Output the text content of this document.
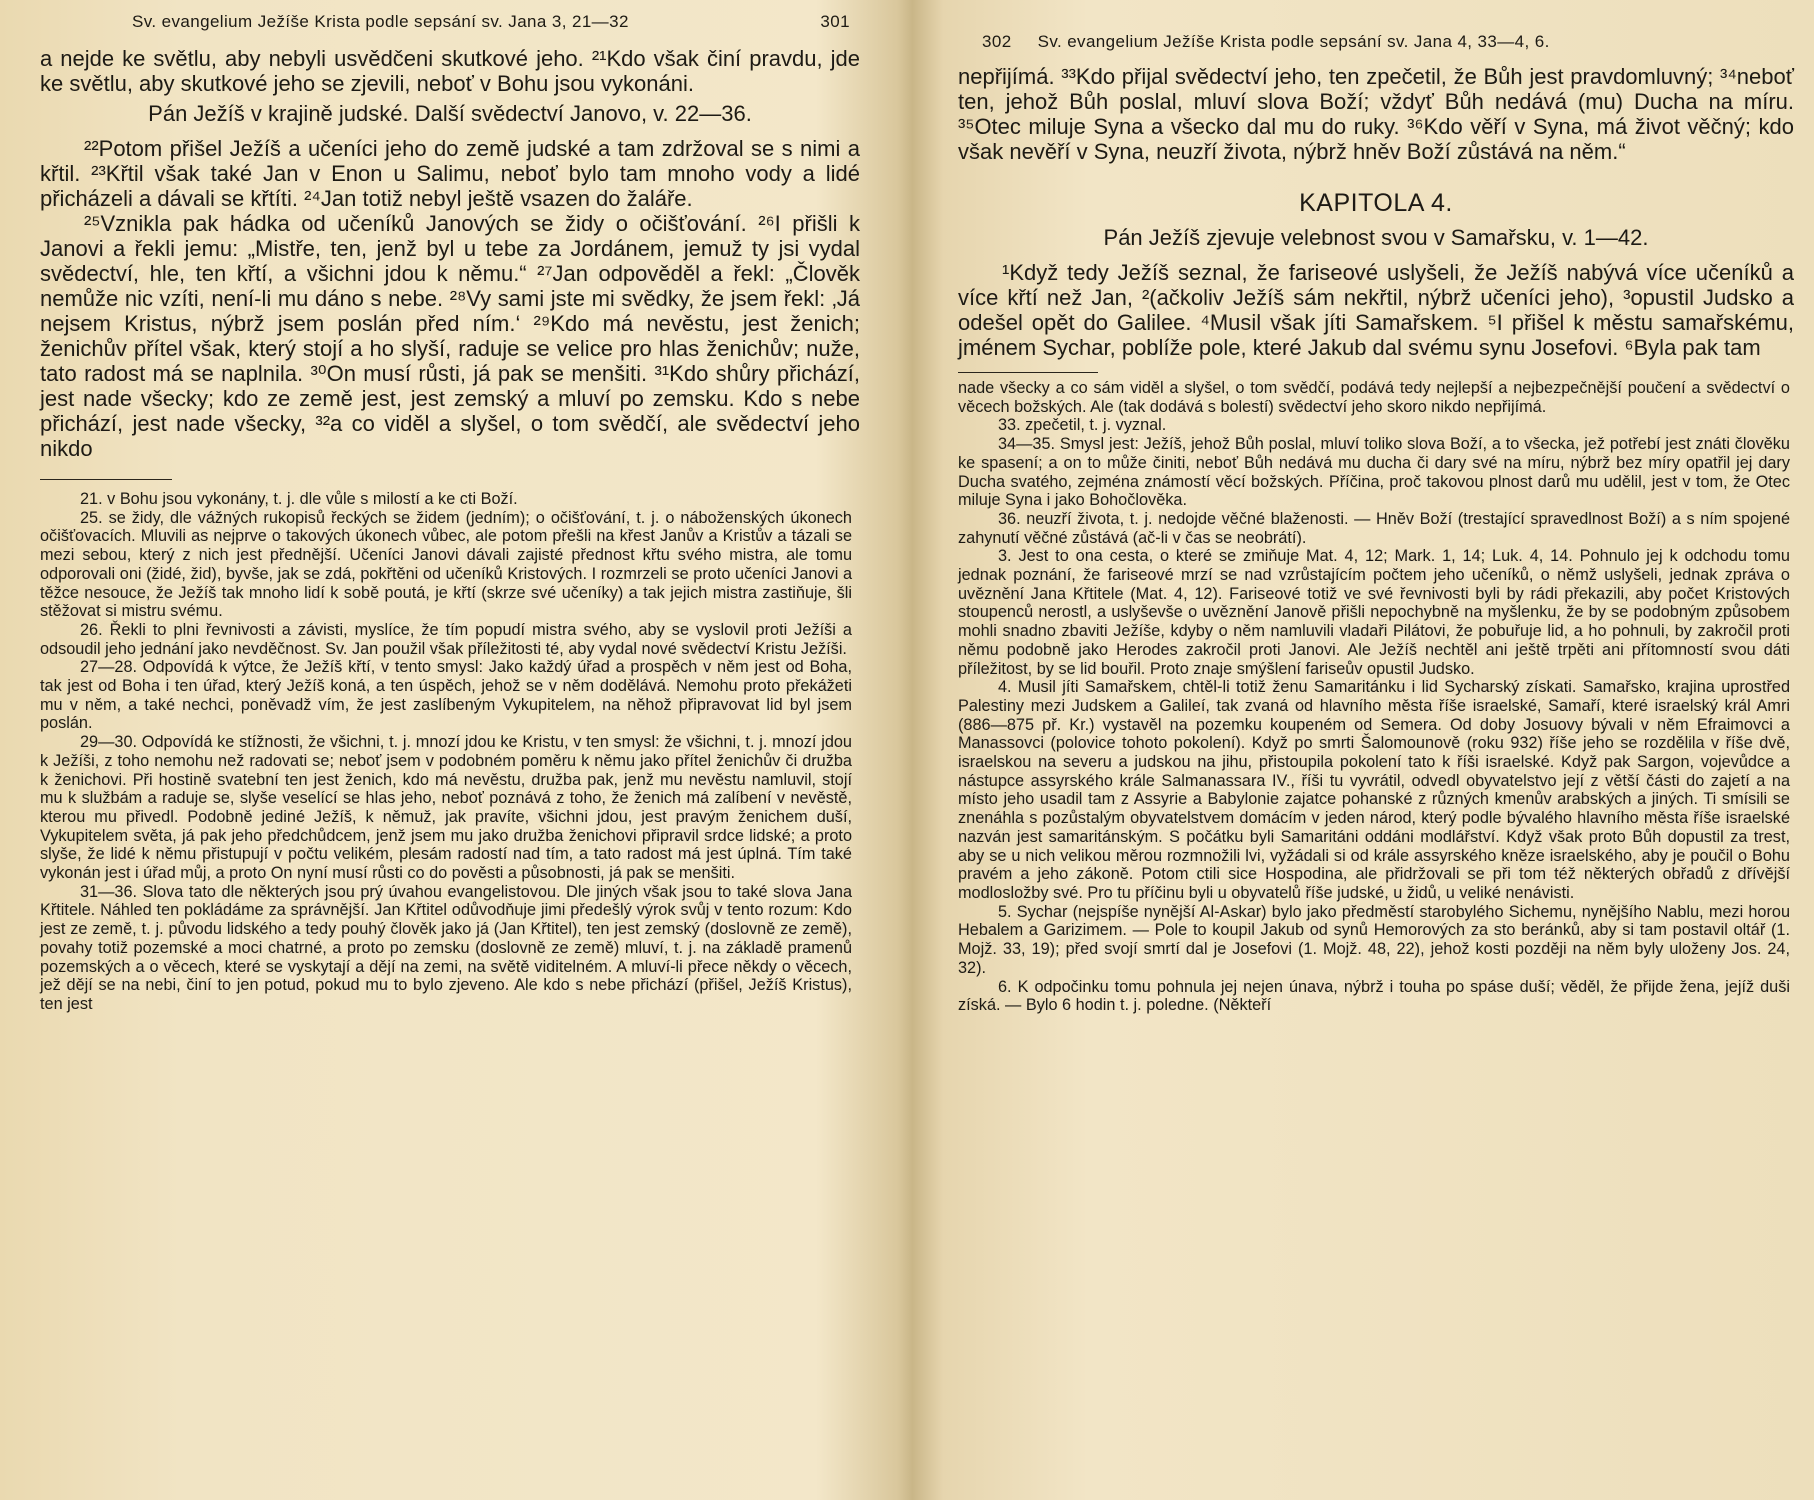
Sv. evangelium Ježíše Krista podle sepsání sv. Jana 3, 21—32	301

a nejde ke světlu, aby nebyli usvědčeni skutkové jeho. ²¹Kdo však činí pravdu, jde ke světlu, aby skutkové jeho se zjevili, neboť v Bohu jsou vykonáni.

Pán Ježíš v krajině judské. Další svědectví Janovo, v. 22—36.

²²Potom přišel Ježíš a učeníci jeho do země judské a tam zdržoval se s nimi a křtil. ²³Křtil však také Jan v Enon u Salimu, neboť bylo tam mnoho vody a lidé přicházeli a dávali se křtíti. ²⁴Jan totiž nebyl ještě vsazen do žaláře.

²⁵Vznikla pak hádka od učeníků Janových se židy o očišťování. ²⁶I přišli k Janovi a řekli jemu: „Mistře, ten, jenž byl u tebe za Jordánem, jemuž ty jsi vydal svědectví, hle, ten křtí, a všichni jdou k němu.“ ²⁷Jan odpověděl a řekl: „Člověk nemůže nic vzíti, není-li mu dáno s nebe. ²⁸Vy sami jste mi svědky, že jsem řekl: ‚Já nejsem Kristus, nýbrž jsem poslán před ním.‘ ²⁹Kdo má nevěstu, jest ženich; ženichův přítel však, který stojí a ho slyší, raduje se velice pro hlas ženichův; nuže, tato radost má se naplnila. ³⁰On musí růsti, já pak se menšiti. ³¹Kdo shůry přichází, jest nade všecky; kdo ze země jest, jest zemský a mluví po zemsku. Kdo s nebe přichází, jest nade všecky, ³²a co viděl a slyšel, o tom svědčí, ale svědectví jeho nikdo

21. v Bohu jsou vykonány, t. j. dle vůle s milostí a ke cti Boží.

25. se židy, dle vážných rukopisů řeckých se židem (jedním); o očišťování, t. j. o náboženských úkonech očišťovacích. Mluvili as nejprve o takových úkonech vůbec, ale potom přešli na křest Janův a Kristův a tázali se mezi sebou, který z nich jest přednější. Učeníci Janovi dávali zajisté přednost křtu svého mistra, ale tomu odporovali oni (židé, žid), byvše, jak se zdá, pokřtěni od učeníků Kristových. I rozmrzeli se proto učeníci Janovi a těžce nesouce, že Ježíš tak mnoho lidí k sobě poutá, je křtí (skrze své učeníky) a tak jejich mistra zastiňuje, šli stěžovat si mistru svému.

26. Řekli to plni řevnivosti a závisti, myslíce, že tím popudí mistra svého, aby se vyslovil proti Ježíši a odsoudil jeho jednání jako nevděčnost. Sv. Jan použil však příležitosti té, aby vydal nové svědectví Kristu Ježíši.

27—28. Odpovídá k výtce, že Ježíš křtí, v tento smysl: Jako každý úřad a prospěch v něm jest od Boha, tak jest od Boha i ten úřad, který Ježíš koná, a ten úspěch, jehož se v něm dodělává. Nemohu proto překážeti mu v něm, a také nechci, poněvadž vím, že jest zaslíbeným Vykupitelem, na něhož připravovat lid byl jsem poslán.

29—30. Odpovídá ke stížnosti, že všichni, t. j. mnozí jdou ke Kristu, v ten smysl: že všichni, t. j. mnozí jdou k Ježíši, z toho nemohu než radovati se; neboť jsem v podobném poměru k němu jako přítel ženichův či družba k ženichovi. Při hostině svatební ten jest ženich, kdo má nevěstu, družba pak, jenž mu nevěstu namluvil, stojí mu k službám a raduje se, slyše veselící se hlas jeho, neboť poznává z toho, že ženich má zalíbení v nevěstě, kterou mu přivedl. Podobně jediné Ježíš, k němuž, jak pravíte, všichni jdou, jest pravým ženichem duší, Vykupitelem světa, já pak jeho předchůdcem, jenž jsem mu jako družba ženichovi připravil srdce lidské; a proto slyše, že lidé k němu přistupují v počtu velikém, plesám radostí nad tím, a tato radost má jest úplná. Tím také vykonán jest i úřad můj, a proto On nyní musí růsti co do pověsti a působnosti, já pak se menšiti.

31—36. Slova tato dle některých jsou prý úvahou evangelistovou. Dle jiných však jsou to také slova Jana Křtitele. Náhled ten pokládáme za správnější. Jan Křtitel odůvodňuje jimi předešlý výrok svůj v tento rozum: Kdo jest ze země, t. j. původu lidského a tedy pouhý člověk jako já (Jan Křtitel), ten jest zemský (doslovně ze země), povahy totiž pozemské a moci chatrné, a proto po zemsku (doslovně ze země) mluví, t. j. na základě pramenů pozemských a o věcech, které se vyskytají a dějí na zemi, na světě viditelném. A mluví-li přece někdy o věcech, jež dějí se na nebi, činí to jen potud, pokud mu to bylo zjeveno. Ale kdo s nebe přichází (přišel, Ježíš Kristus), ten jest

302 Sv. evangelium Ježíše Krista podle sepsání sv. Jana 4, 33—4, 6.

nepřijímá. ³³Kdo přijal svědectví jeho, ten zpečetil, že Bůh jest pravdomluvný; ³⁴neboť ten, jehož Bůh poslal, mluví slova Boží; vždyť Bůh nedává (mu) Ducha na míru. ³⁵Otec miluje Syna a všecko dal mu do ruky. ³⁶Kdo věří v Syna, má život věčný; kdo však nevěří v Syna, neuzří života, nýbrž hněv Boží zůstává na něm.“

KAPITOLA 4.
Pán Ježíš zjevuje velebnost svou v Samařsku, v. 1—42.

¹Když tedy Ježíš seznal, že fariseové uslyšeli, že Ježíš nabývá více učeníků a více křtí než Jan, ²(ačkoliv Ježíš sám nekřtil, nýbrž učeníci jeho), ³opustil Judsko a odešel opět do Galilee. ⁴Musil však jíti Samařskem. ⁵I přišel k městu samařskému, jménem Sychar, poblíže pole, které Jakub dal svému synu Josefovi. ⁶Byla pak tam

nade všecky a co sám viděl a slyšel, o tom svědčí, podává tedy nejlepší a nejbezpečnější poučení a svědectví o věcech božských. Ale (tak dodává s bolestí) svědectví jeho skoro nikdo nepřijímá.

33. zpečetil, t. j. vyznal.

34—35. Smysl jest: Ježíš, jehož Bůh poslal, mluví toliko slova Boží, a to všecka, jež potřebí jest znáti člověku ke spasení; a on to může činiti, neboť Bůh nedává mu ducha či dary své na míru, nýbrž bez míry opatřil jej dary Ducha svatého, zejména známostí věcí božských. Příčina, proč takovou plnost darů mu udělil, jest v tom, že Otec miluje Syna i jako Bohočlověka.

36. neuzří života, t. j. nedojde věčné blaženosti. — Hněv Boží (trestající spravedlnost Boží) a s ním spojené zahynutí věčné zůstává (ač-li v čas se neobrátí).

3. Jest to ona cesta, o které se zmiňuje Mat. 4, 12; Mark. 1, 14; Luk. 4, 14. Pohnulo jej k odchodu tomu jednak poznání, že fariseové mrzí se nad vzrůstajícím počtem jeho učeníků, o němž uslyšeli, jednak zpráva o uvěznění Jana Křtitele (Mat. 4, 12). Fariseové totiž ve své řevnivosti byli by rádi překazili, aby počet Kristových stoupenců nerostl, a uslyševše o uvěznění Janově přišli nepochybně na myšlenku, že by se podobným způsobem mohli snadno zbaviti Ježíše, kdyby o něm namluvili vladaři Pilátovi, že pobuřuje lid, a ho pohnuli, by zakročil proti němu podobně jako Herodes zakročil proti Janovi. Ale Ježíš nechtěl ani ještě trpěti ani přítomností svou dáti příležitost, by se lid bouřil. Proto znaje smýšlení fariseův opustil Judsko.

4. Musil jíti Samařskem, chtěl-li totiž ženu Samaritánku i lid Sycharský získati. Samařsko, krajina uprostřed Palestiny mezi Judskem a Galileí, tak zvaná od hlavního města říše israelské, Samaří, které israelský král Amri (886—875 př. Kr.) vystavěl na pozemku koupeném od Semera. Od doby Josuovy bývali v něm Efraimovci a Manassovci (polovice tohoto pokolení). Když po smrti Šalomounově (roku 932) říše jeho se rozdělila v říše dvě, israelskou na severu a judskou na jihu, přistoupila pokolení tato k říši israelské. Když pak Sargon, vojevůdce a nástupce assyrského krále Salmanassara IV., říši tu vyvrátil, odvedl obyvatelstvo její z větší části do zajetí a na místo jeho usadil tam z Assyrie a Babylonie zajatce pohanské z různých kmenův arabských a jiných. Ti smísili se znenáhla s pozůstalým obyvatelstvem domácím v jeden národ, který podle bývalého hlavního města říše israelské nazván jest samaritánským. S počátku byli Samaritáni oddáni modlářství. Když však proto Bůh dopustil za trest, aby se u nich velikou měrou rozmnožili lvi, vyžádali si od krále assyrského kněze israelského, aby je poučil o Bohu pravém a jeho zákoně. Potom ctili sice Hospodina, ale přidržovali se při tom též některých obřadů z dřívější modlosložby své. Pro tu příčinu byli u obyvatelů říše judské, u židů, u veliké nenávisti.

5. Sychar (nejspíše nynější Al-Askar) bylo jako předměstí starobylého Sichemu, nynějšího Nablu, mezi horou Hebalem a Garizimem. — Pole to koupil Jakub od synů Hemorových za sto beránků, aby si tam postavil oltář (1. Mojž. 33, 19); před svojí smrtí dal je Josefovi (1. Mojž. 48, 22), jehož kosti později na něm byly uloženy Jos. 24, 32).

6. K odpočinku tomu pohnula jej nejen únava, nýbrž i touha po spáse duší; věděl, že přijde žena, jejíž duši získá. — Bylo 6 hodin t. j. poledne. (Někteří
